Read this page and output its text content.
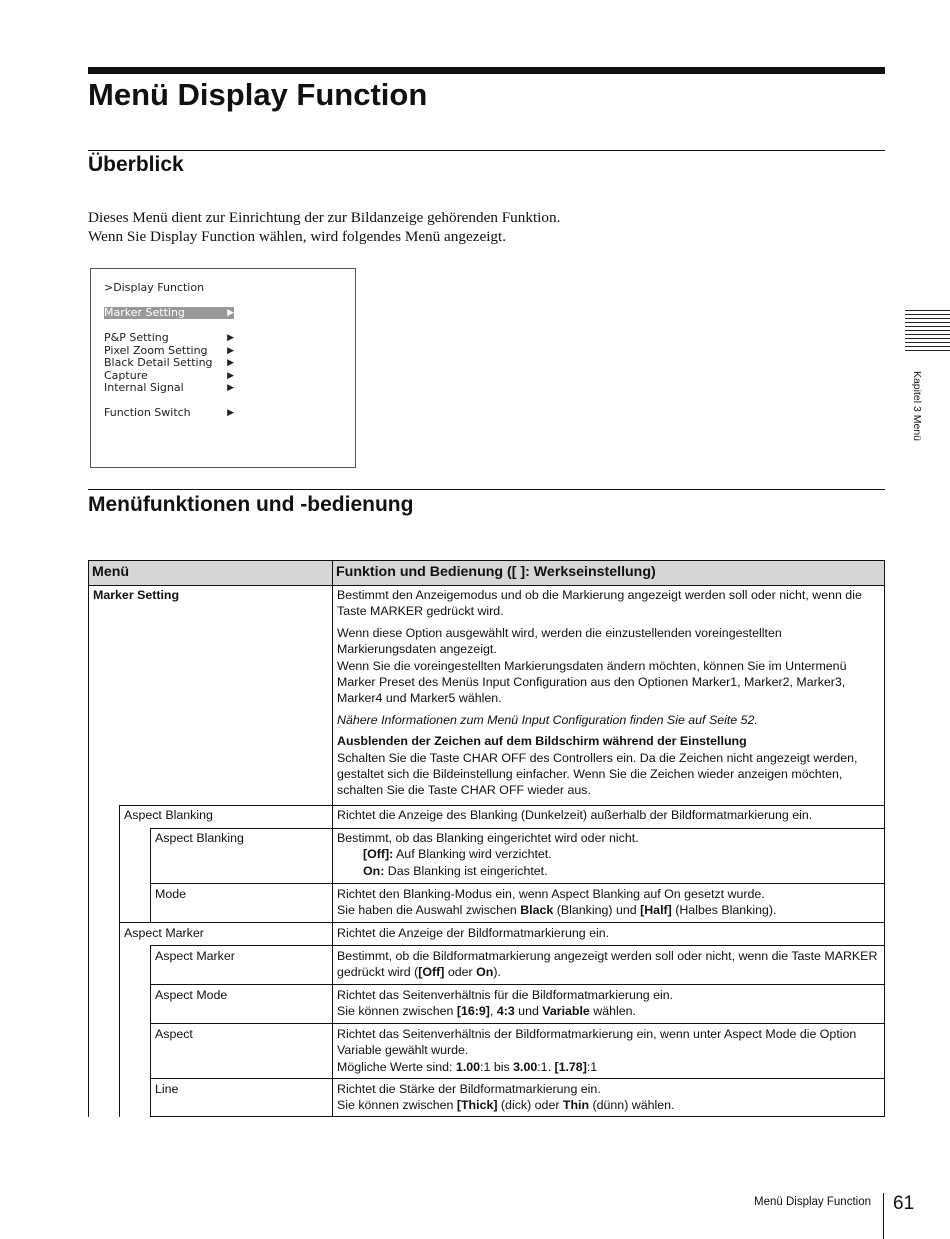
Menü Display Function
Überblick
Dieses Menü dient zur Einrichtung der zur Bildanzeige gehörenden Funktion.
Wenn Sie Display Function wählen, wird folgendes Menü angezeigt.
>Display Function
Marker Setting	▶
P&P Setting	▶
Pixel Zoom Setting ▶
Black Detail Setting ▶
Capture	▶
Internal Signal	▶
Function Switch	▶
Menüfunktionen und -bedienung
Menü	Funktion und Bedienung ([ ]: Werkseinstellung)
Marker Setting	Bestimmt den Anzeigemodus und ob die Markierung angezeigt werden soll oder nicht, wenn die Taste MARKER gedrückt wird.

Wenn diese Option ausgewählt wird, werden die einzustellenden voreingestellten Markierungsdaten angezeigt.

Wenn Sie die voreingestellten Markierungsdaten ändern möchten, können Sie im Untermenü Marker Preset des Menüs Input Configuration aus den Optionen Marker1, Marker2, Marker3, Marker4 und Marker5 wählen.

Nähere Informationen zum Menü Input Configuration finden Sie auf Seite 52.

Ausblenden der Zeichen auf dem Bildschirm während der Einstellung

Schalten Sie die Taste CHAR OFF des Controllers ein. Da die Zeichen nicht angezeigt werden, gestaltet sich die Bildeinstellung einfacher. Wenn Sie die Zeichen wieder anzeigen möchten, schalten Sie die Taste CHAR OFF wieder aus.

Aspect Blanking	Richtet die Anzeige des Blanking (Dunkelzeit) außerhalb der Bildformatmarkierung ein.
Aspect Blanking	Bestimmt, ob das Blanking eingerichtet wird oder nicht.
[Off]: Auf Blanking wird verzichtet.
On: Das Blanking ist eingerichtet.
Mode	Richtet den Blanking-Modus ein, wenn Aspect Blanking auf On gesetzt wurde.
Sie haben die Auswahl zwischen Black (Blanking) und [Half] (Halbes Blanking).
Aspect Marker	Richtet die Anzeige der Bildformatmarkierung ein.
Aspect Marker	Bestimmt, ob die Bildformatmarkierung angezeigt werden soll oder nicht, wenn die Taste MARKER gedrückt wird ([Off] oder On).
Aspect Mode	Richtet das Seitenverhältnis für die Bildformatmarkierung ein.
Sie können zwischen [16:9], 4:3 und Variable wählen.
Aspect	Richtet das Seitenverhältnis der Bildformatmarkierung ein, wenn unter Aspect Mode die Option Variable gewählt wurde.
Mögliche Werte sind: 1.00:1 bis 3.00:1. [1.78]:1
Line	Richtet die Stärke der Bildformatmarkierung ein.
Sie können zwischen [Thick] (dick) oder Thin (dünn) wählen.
Kapitel 3 Menü
Menü Display Function 61
